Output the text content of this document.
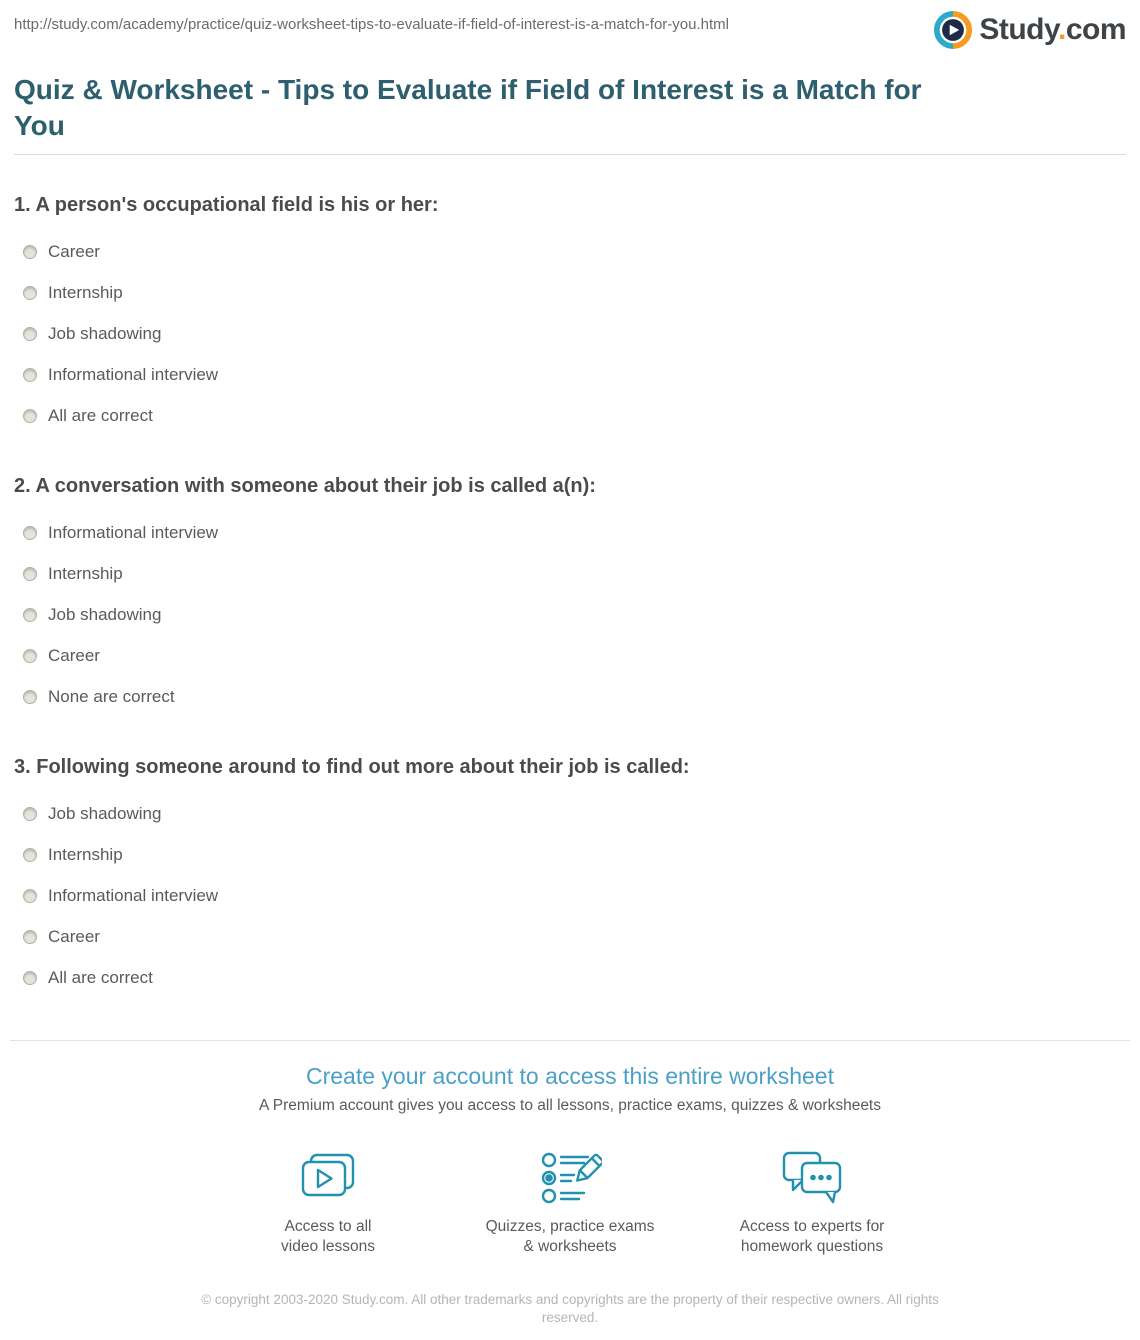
http://study.com/academy/practice/quiz-worksheet-tips-to-evaluate-if-field-of-interest-is-a-match-for-you.html	Study.com
Quiz & Worksheet - Tips to Evaluate if Field of Interest is a Match for You
1. A person's occupational field is his or her:
Career
Internship
Job shadowing
Informational interview
All are correct
2. A conversation with someone about their job is called a(n):
Informational interview
Internship
Job shadowing
Career
None are correct
3. Following someone around to find out more about their job is called:
Job shadowing
Internship
Informational interview
Career
All are correct
Create your account to access this entire worksheet
A Premium account gives you access to all lessons, practice exams, quizzes & worksheets
Access to all
video lessons
Quizzes, practice exams
& worksheets
Access to experts for
homework questions
© copyright 2003-2020 Study.com. All other trademarks and copyrights are the property of their respective owners. All rights reserved.
